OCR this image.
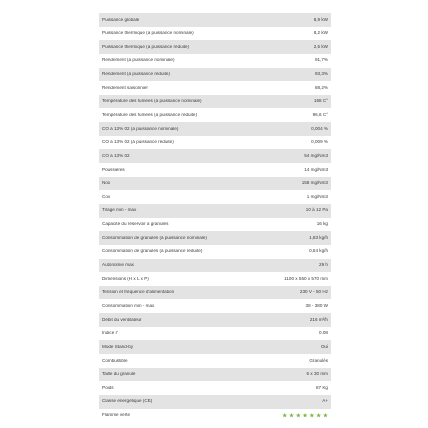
Puissance globale	8,9 kW
Puissance thermique (à puissance nominale)	8,2 kW
Puissance thermique (à puissance réduite)	2,5 kW
Rendement (à puissance nominale)	91,7%
Rendement (à puissance réduite)	93,3%
Rendement saisonnier	88,2%
Température des fumées (à puissance nominale)	168 C°
Température des fumées (à puissance réduite)	96,6 C°
CO à 13% 02 (à puissance nominale)	0,004 %
CO à 13% 02 (à puissance réduite)	0,009 %
CO à 13% 02	54 mg/Nm3
Poussières	14 mg/Nm3
Nox	158 mg/Nm3
Cov	1 mg/Nm3
Tirage min - max	10 à 12 Pa
Capacité du réservoir à granulés	16 kg
Consommation de granulés (à puissance nominale)	1,83 kg/h
Consommation de granulés (à puissance réduite)	0,54 kg/h
Autonomie max	29 h
Dimensions (H x L x P)	1100 x 550 x 570 mm
Tension et fréquence d'alimentation	230 V - 50 Hz
Consommation min - max	38 - 380 W
Débit du ventilateur	216 m³/h
Indice I'	0.08
Mode Stand-by	Oui
Combustible	Granulés
Taille du granulé	6 x 30 mm
Poids	87 Kg
Classe énergétique (CE)	A+
Flamme verte
